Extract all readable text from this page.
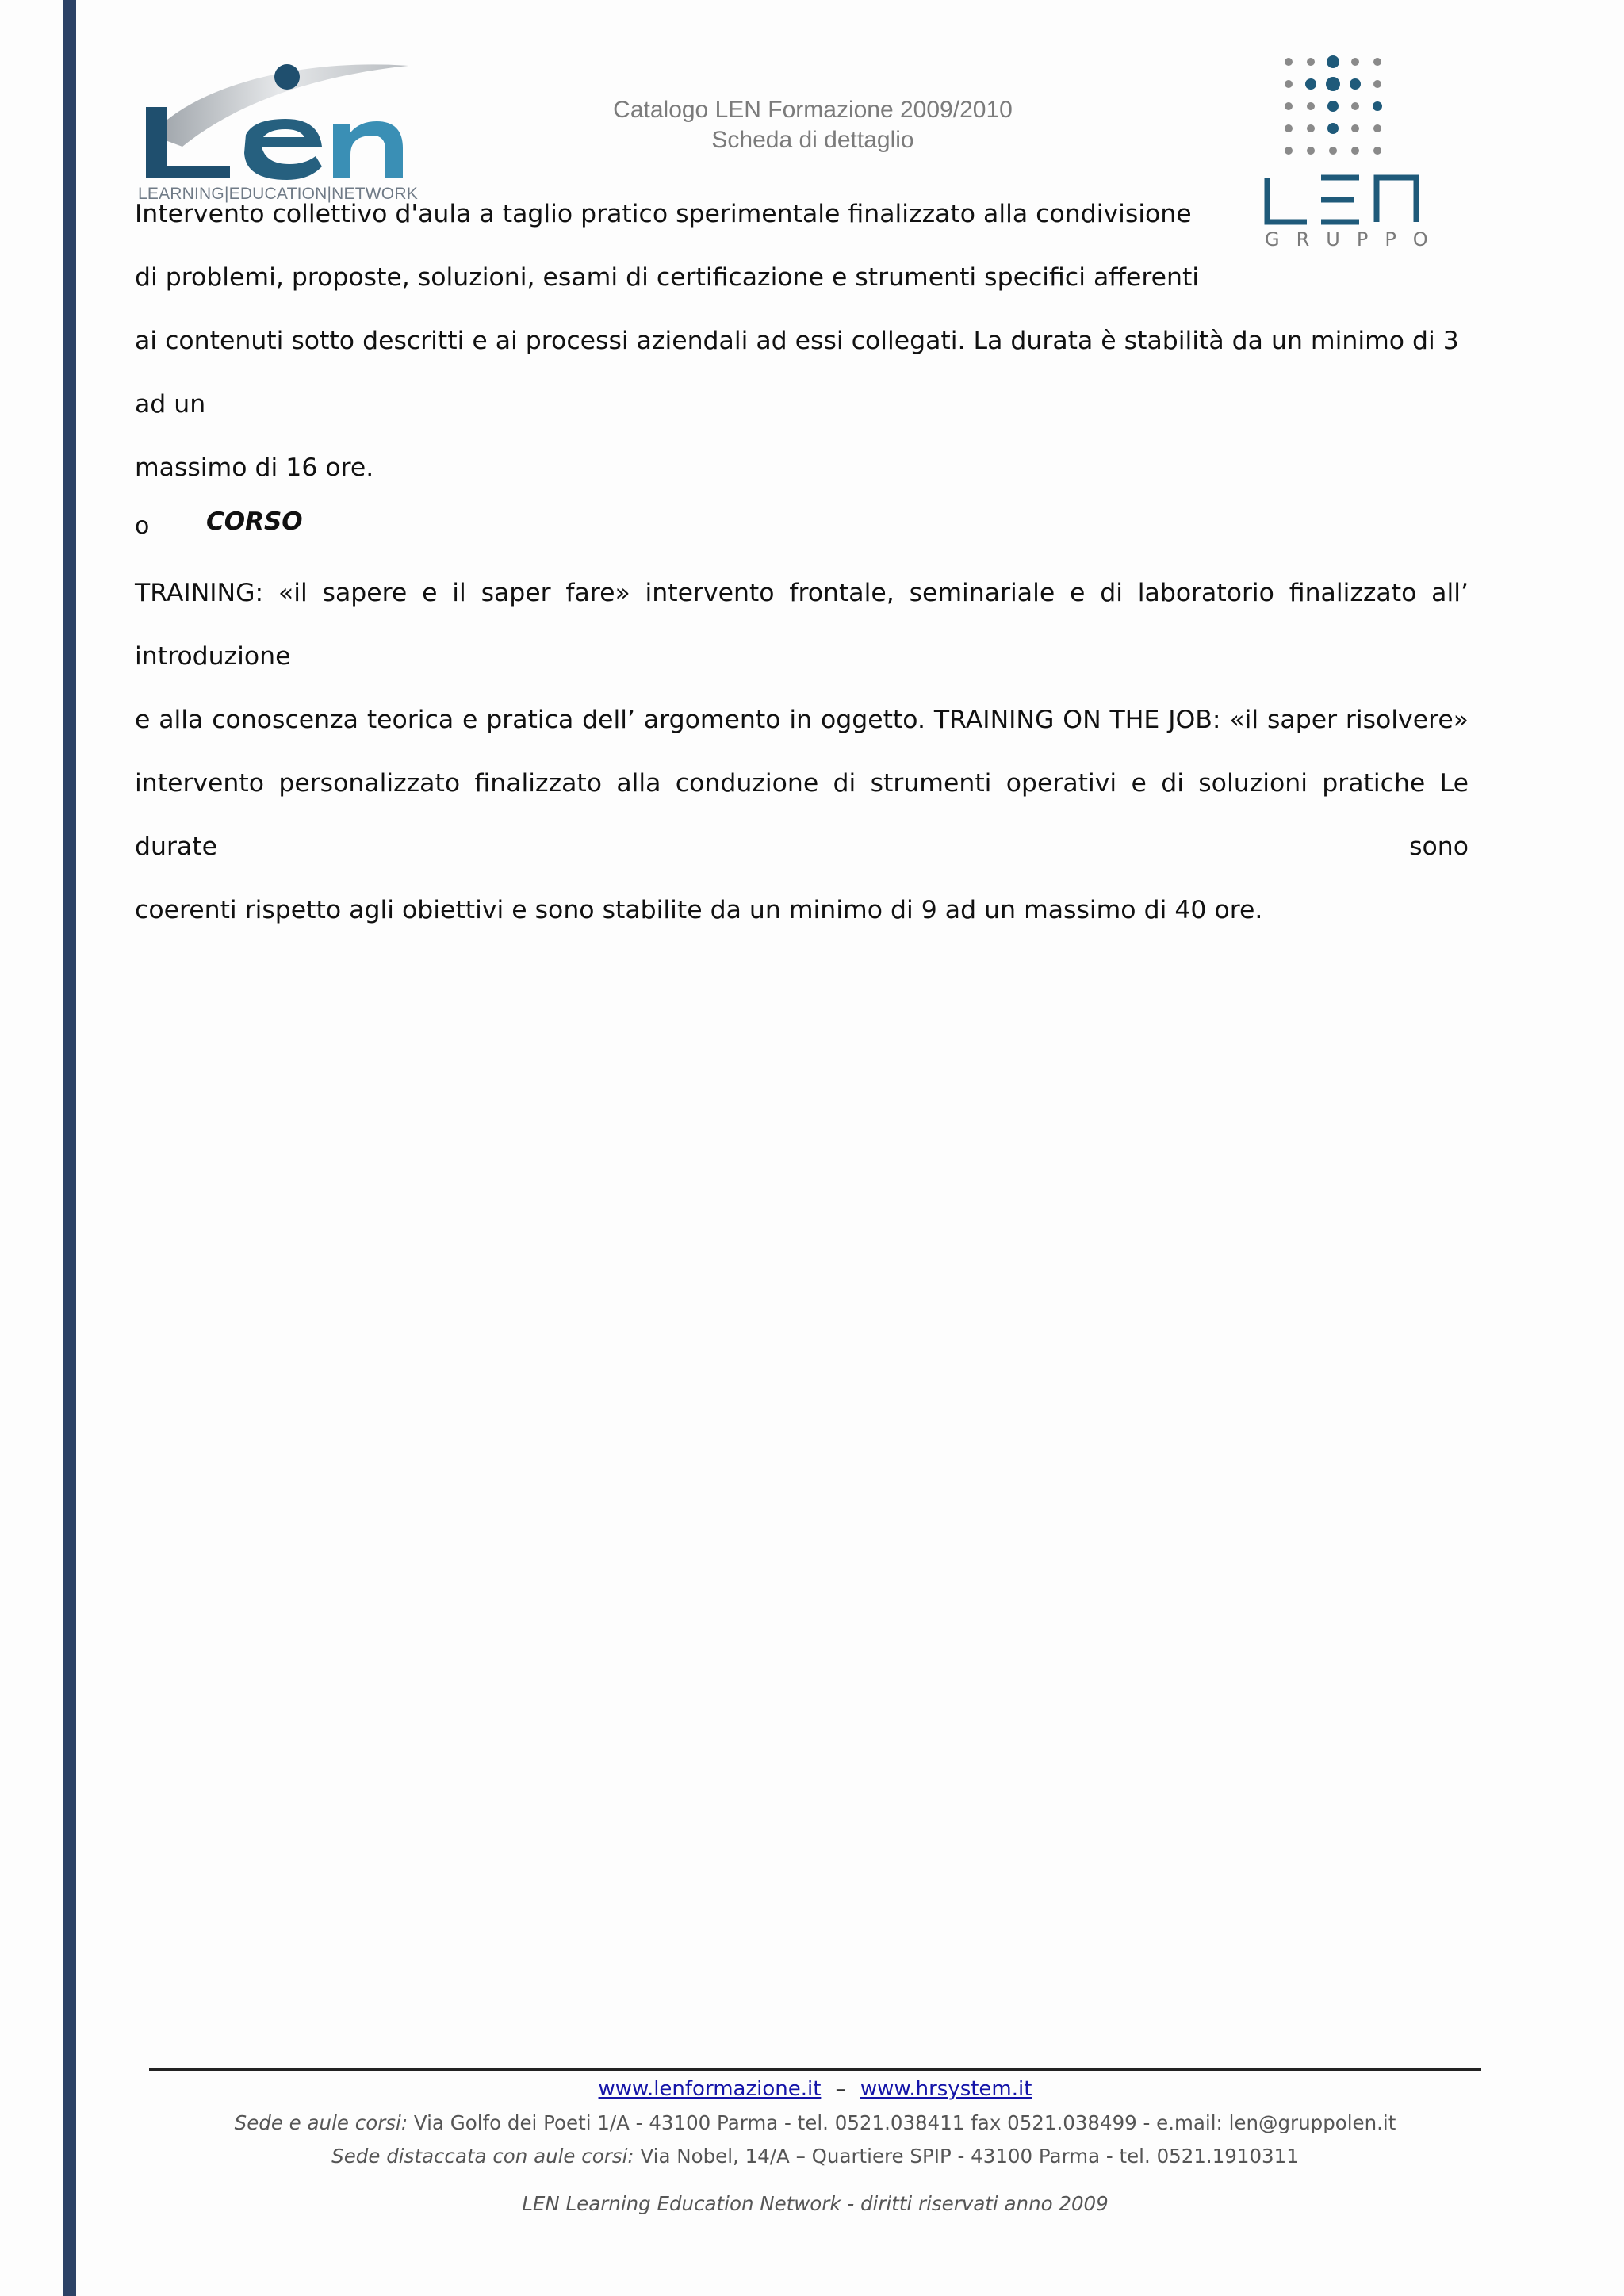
LEARNING|EDUCATION|NETWORK
Catalogo LEN Formazione 2009/2010
Scheda di dettaglio
GRUPPO

Intervento collettivo d'aula a taglio pratico sperimentale finalizzato alla condivisione

di problemi, proposte, soluzioni, esami di certificazione e strumenti specifici afferenti

ai contenuti sotto descritti e ai processi aziendali ad essi collegati. La durata è stabilità da un minimo di 3 ad un

massimo di 16 ore.

o CORSO

TRAINING: «il sapere e il saper fare» intervento frontale, seminariale e di laboratorio finalizzato all’ introduzione

e alla conoscenza teorica e pratica dell’ argomento in oggetto. TRAINING ON THE JOB: «il saper risolvere»

intervento personalizzato finalizzato alla conduzione di strumenti operativi e di soluzioni pratiche Le durate sono

coerenti rispetto agli obiettivi e sono stabilite da un minimo di 9 ad un massimo di 40 ore.

www.lenformazione.it – www.hrsystem.it
Sede e aule corsi: Via Golfo dei Poeti 1/A - 43100 Parma - tel. 0521.038411 fax 0521.038499 - e.mail: len@gruppolen.it
Sede distaccata con aule corsi: Via Nobel, 14/A – Quartiere SPIP - 43100 Parma - tel. 0521.1910311
LEN Learning Education Network - diritti riservati anno 2009
